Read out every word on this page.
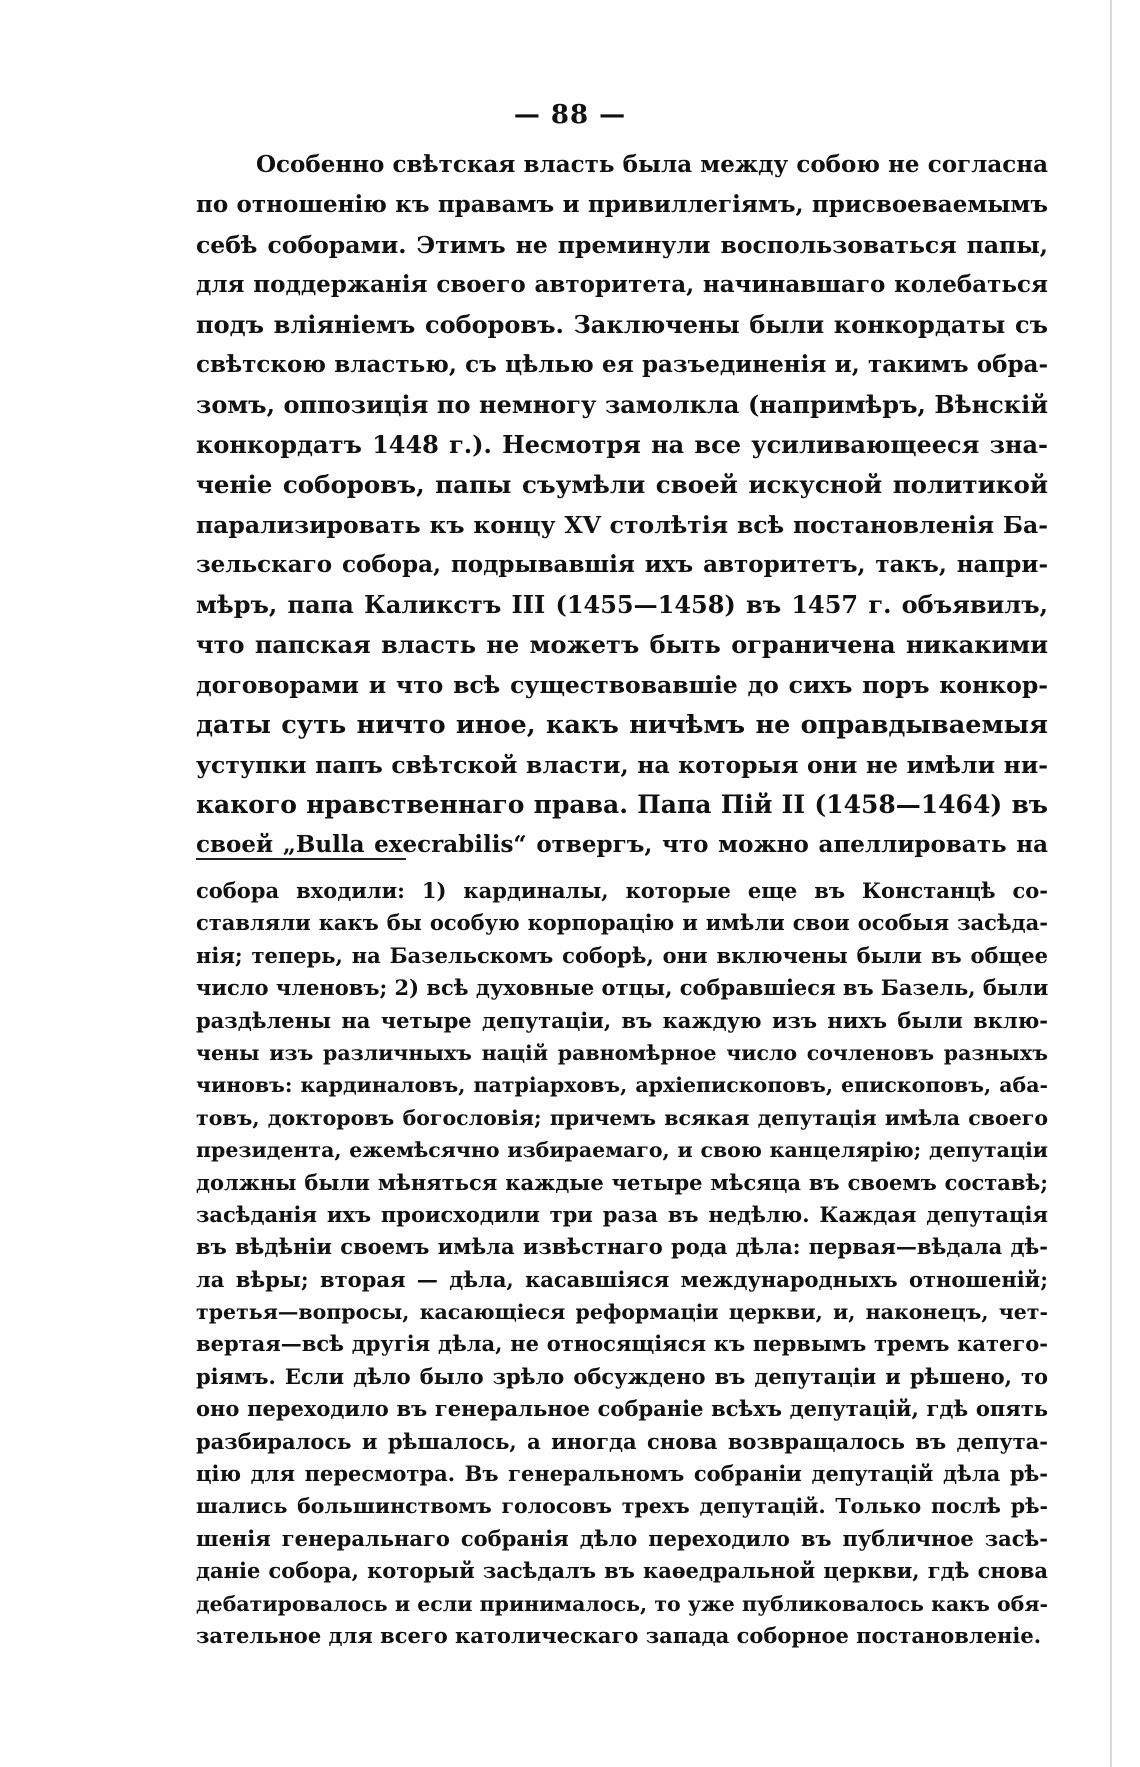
— 88 —
Особенно свѣтская власть была между собою не согласна
по отношенію къ правамъ и привиллегіямъ, присвоеваемымъ
себѣ соборами. Этимъ не преминули воспользоваться папы,
для поддержанія своего авторитета, начинавшаго колебаться
подъ вліяніемъ соборовъ. Заключены были конкордаты съ
свѣтскою властью, съ цѣлью ея разъединенія и, такимъ обра-
зомъ, оппозиція по немногу замолкла (напримѣръ, Вѣнскій
конкордатъ 1448 г.). Несмотря на все усиливающееся зна-
ченіе соборовъ, папы съумѣли своей искусной политикой
парализировать къ концу XV столѣтія всѣ постановленія Ба-
зельскаго собора, подрывавшія ихъ авторитетъ, такъ, напри-
мѣръ, папа Каликстъ III (1455—1458) въ 1457 г. объявилъ,
что папская власть не можетъ быть ограничена никакими
договорами и что всѣ существовавшіе до сихъ поръ конкор-
даты суть ничто иное, какъ ничѣмъ не оправдываемыя
уступки папъ свѣтской власти, на которыя они не имѣли ни-
какого нравственнаго права. Папа Пій II (1458—1464) въ
своей „Bulla execrabilis“ отвергъ, что можно апеллировать на
собора входили: 1) кардиналы, которые еще въ Констанцѣ со-
ставляли какъ бы особую корпорацію и имѣли свои особыя засѣда-
нія; теперь, на Базельскомъ соборѣ, они включены были въ общее
число членовъ; 2) всѣ духовные отцы, собравшіеся въ Базель, были
раздѣлены на четыре депутаціи, въ каждую изъ нихъ были вклю-
чены изъ различныхъ націй равномѣрное число сочленовъ разныхъ
чиновъ: кардиналовъ, патріарховъ, архіепископовъ, епископовъ, аба-
товъ, докторовъ богословія; причемъ всякая депутація имѣла своего
президента, ежемѣсячно избираемаго, и свою канцелярію; депутаціи
должны были мѣняться каждые четыре мѣсяца въ своемъ составѣ;
засѣданія ихъ происходили три раза въ недѣлю. Каждая депутація
въ вѣдѣніи своемъ имѣла извѣстнаго рода дѣла: первая—вѣдала дѣ-
ла вѣры; вторая — дѣла, касавшіяся международныхъ отношеній;
третья—вопросы, касающіеся реформаціи церкви, и, наконецъ, чет-
вертая—всѣ другія дѣла, не относящіяся къ первымъ тремъ катего-
ріямъ. Если дѣло было зрѣло обсуждено въ депутаціи и рѣшено, то
оно переходило въ генеральное собраніе всѣхъ депутацій, гдѣ опять
разбиралось и рѣшалось, а иногда снова возвращалось въ депута-
цію для пересмотра. Въ генеральномъ собраніи депутацій дѣла рѣ-
шались большинствомъ голосовъ трехъ депутацій. Только послѣ рѣ-
шенія генеральнаго собранія дѣло переходило въ публичное засѣ-
даніе собора, который засѣдалъ въ каѳедральной церкви, гдѣ снова
дебатировалось и если принималось, то уже публиковалось какъ обя-
зательное для всего католическаго запада соборное постановленіе.
